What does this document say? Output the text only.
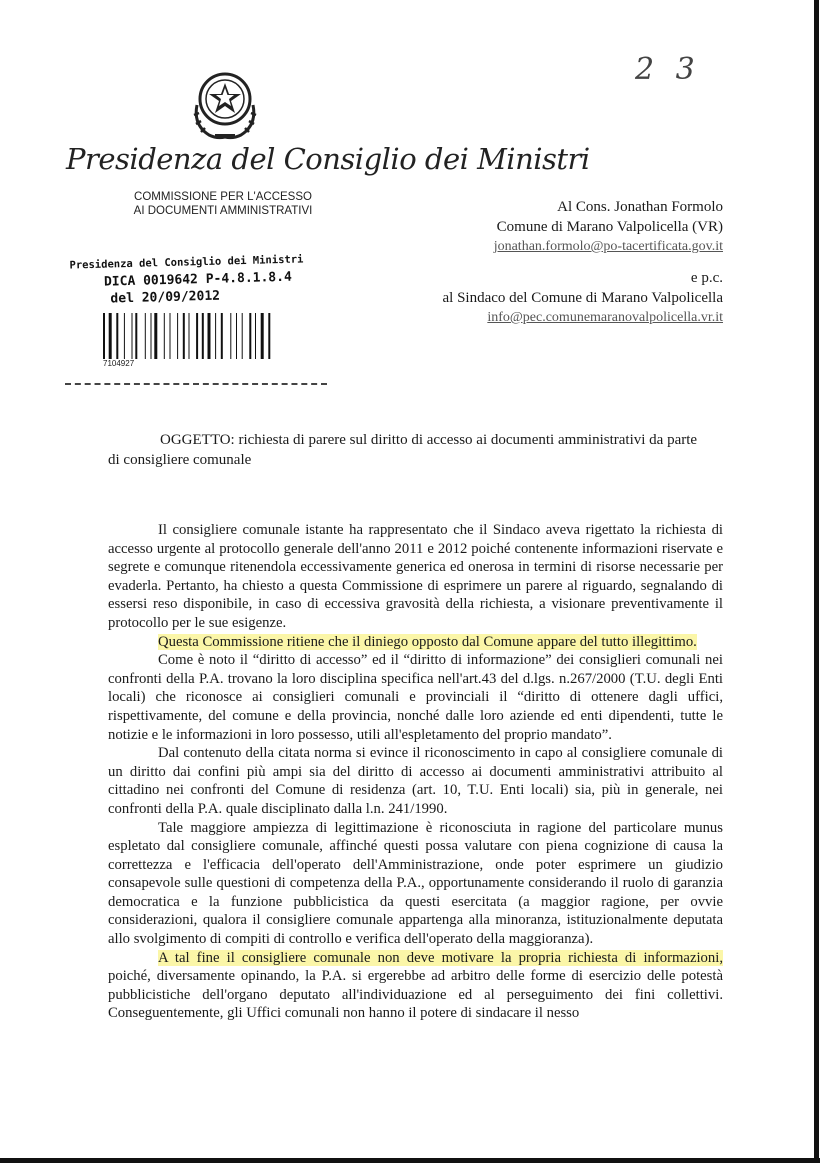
2 3
Presidenza del Consiglio dei Ministri
COMMISSIONE PER L'ACCESSO
AI DOCUMENTI AMMINISTRATIVI	Al Cons. Jonathan Formolo
Comune di Marano Valpolicella (VR)
jonathan.formolo@po-tacertificata.gov.it
e p.c.
al Sindaco del Comune di Marano Valpolicella
info@pec.comunemaranovalpolicella.vr.it
Presidenza del Consiglio dei Ministri
DICA 0019642 P-4.8.1.8.4
del 20/09/2012
7104927
OGGETTO: richiesta di parere sul diritto di accesso ai documenti amministrativi da parte
di consigliere comunale

Il consigliere comunale istante ha rappresentato che il Sindaco aveva rigettato la richiesta di accesso urgente al protocollo generale dell'anno 2011 e 2012 poiché contenente informazioni riservate e segrete e comunque ritenendola eccessivamente generica ed onerosa in termini di risorse necessarie per evaderla. Pertanto, ha chiesto a questa Commissione di esprimere un parere al riguardo, segnalando di essersi reso disponibile, in caso di eccessiva gravosità della richiesta, a visionare preventivamente il protocollo per le sue esigenze.

Questa Commissione ritiene che il diniego opposto dal Comune appare del tutto illegittimo.

Come è noto il “diritto di accesso” ed il “diritto di informazione” dei consiglieri comunali nei confronti della P.A. trovano la loro disciplina specifica nell'art.43 del d.lgs. n.267/2000 (T.U. degli Enti locali) che riconosce ai consiglieri comunali e provinciali il “diritto di ottenere dagli uffici, rispettivamente, del comune e della provincia, nonché dalle loro aziende ed enti dipendenti, tutte le notizie e le informazioni in loro possesso, utili all'espletamento del proprio mandato”.

Dal contenuto della citata norma si evince il riconoscimento in capo al consigliere comunale di un diritto dai confini più ampi sia del diritto di accesso ai documenti amministrativi attribuito al cittadino nei confronti del Comune di residenza (art. 10, T.U. Enti locali) sia, più in generale, nei confronti della P.A. quale disciplinato dalla l.n. 241/1990.

Tale maggiore ampiezza di legittimazione è riconosciuta in ragione del particolare munus espletato dal consigliere comunale, affinché questi possa valutare con piena cognizione di causa la correttezza e l'efficacia dell'operato dell'Amministrazione, onde poter esprimere un giudizio consapevole sulle questioni di competenza della P.A., opportunamente considerando il ruolo di garanzia democratica e la funzione pubblicistica da questi esercitata (a maggior ragione, per ovvie considerazioni, qualora il consigliere comunale appartenga alla minoranza, istituzionalmente deputata allo svolgimento di compiti di controllo e verifica dell'operato della maggioranza).

A tal fine il consigliere comunale non deve motivare la propria richiesta di informazioni, poiché, diversamente opinando, la P.A. si ergerebbe ad arbitro delle forme di esercizio delle potestà pubblicistiche dell'organo deputato all'individuazione ed al perseguimento dei fini collettivi. Conseguentemente, gli Uffici comunali non hanno il potere di sindacare il nesso
